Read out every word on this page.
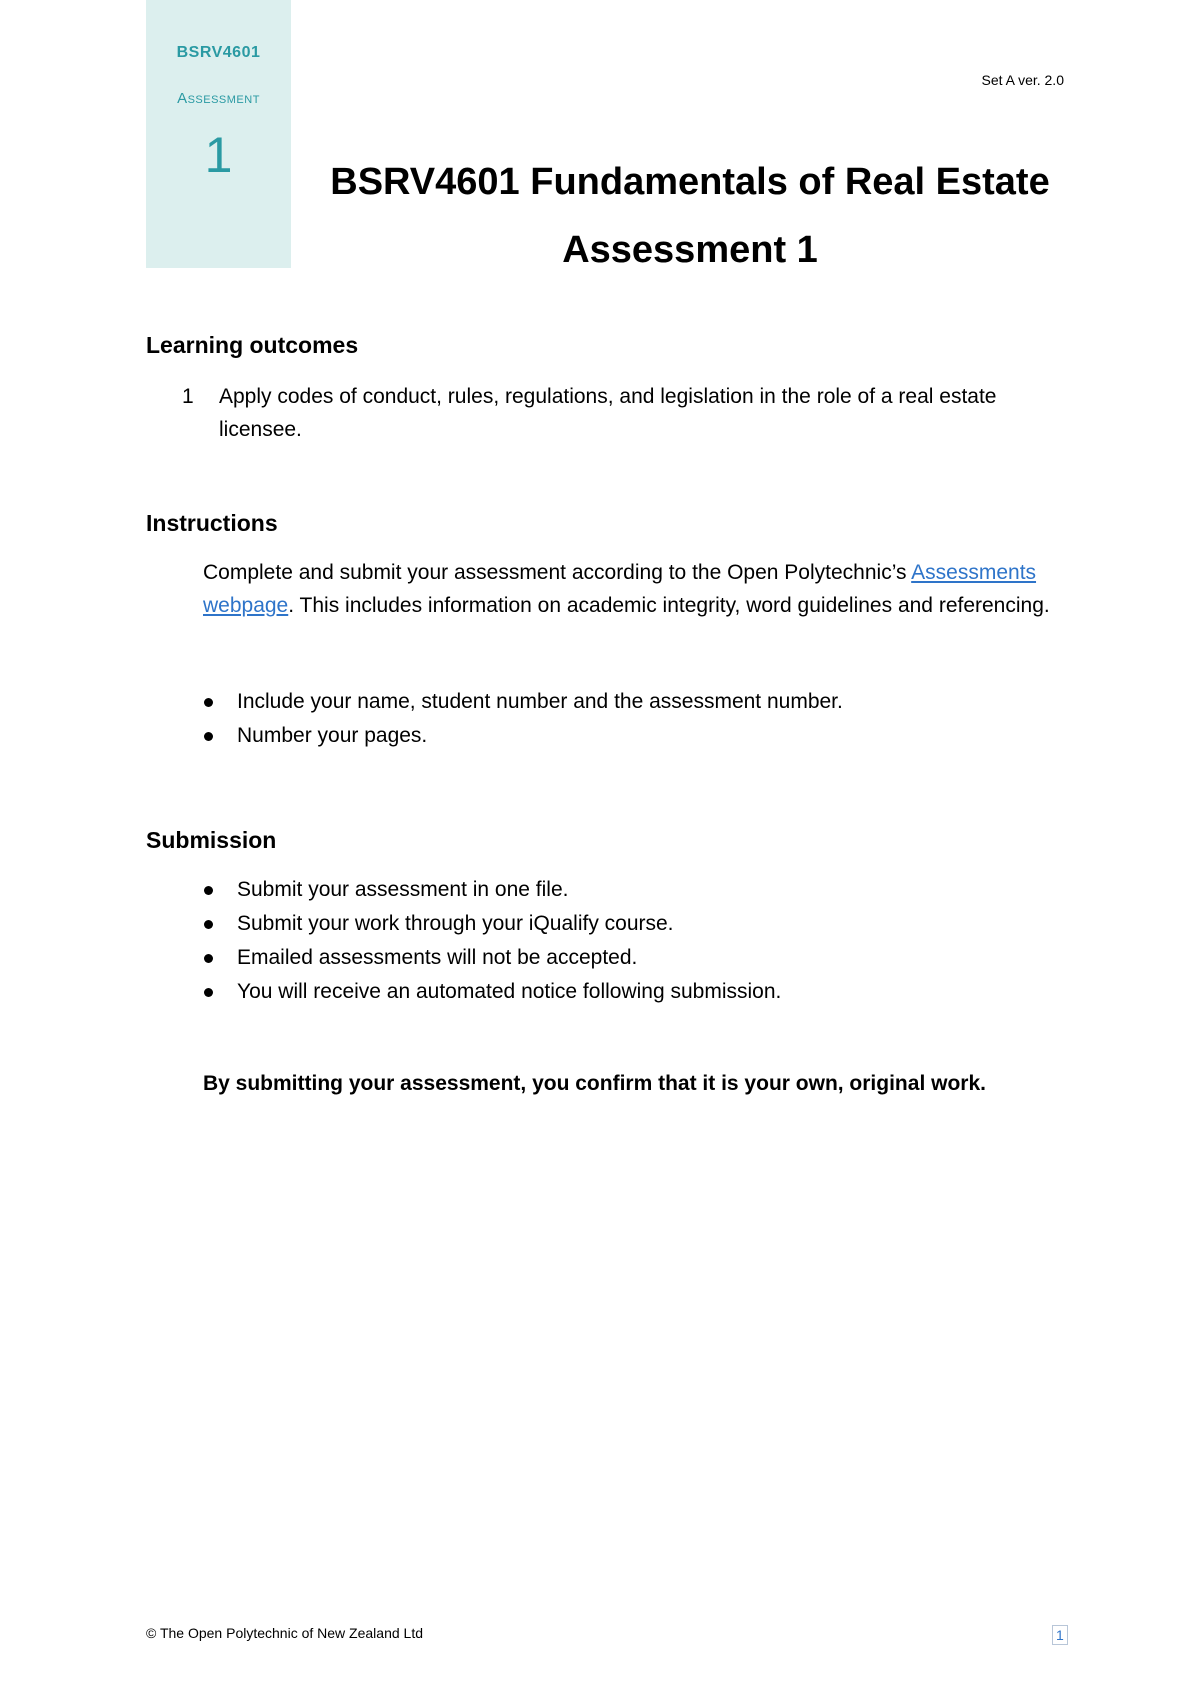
BSRV4601
Assessment
1
Set A ver. 2.0
BSRV4601 Fundamentals of Real Estate
Assessment 1
Learning outcomes
1	Apply codes of conduct, rules, regulations, and legislation in the role of a real estate licensee.
Instructions
Complete and submit your assessment according to the Open Polytechnic’s Assessments webpage. This includes information on academic integrity, word guidelines and referencing.
Include your name, student number and the assessment number.
Number your pages.
Submission
Submit your assessment in one file.
Submit your work through your iQualify course.
Emailed assessments will not be accepted.
You will receive an automated notice following submission.
By submitting your assessment, you confirm that it is your own, original work.
© The Open Polytechnic of New Zealand Ltd	1
